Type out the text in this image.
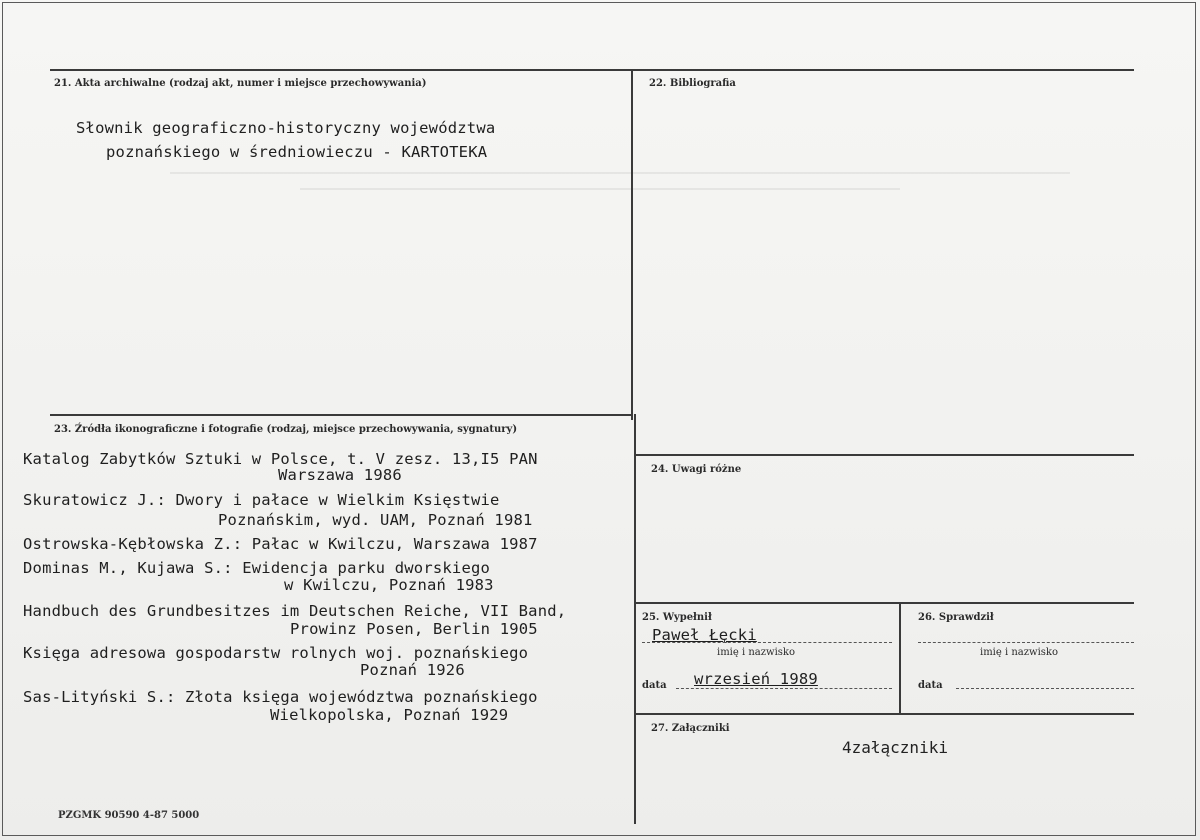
21. Akta archiwalne (rodzaj akt, numer i miejsce przechowywania)
Słownik geograficzno-historyczny województwa
poznańskiego w średniowieczu - KARTOTEKA
22. Bibliografia
23. Źródła ikonograficzne i fotografie (rodzaj, miejsce przechowywania, sygnatury)
Katalog Zabytków Sztuki w Polsce, t. V zesz. 13,I5 PAN
Warszawa 1986
Skuratowicz J.: Dwory i pałace w Wielkim Księstwie
Poznańskim, wyd. UAM, Poznań 1981
Ostrowska-Kębłowska Z.: Pałac w Kwilczu, Warszawa 1987
Dominas M., Kujawa S.: Ewidencja parku dworskiego
w Kwilczu, Poznań 1983
Handbuch des Grundbesitzes im Deutschen Reiche, VII Band,
Prowinz Posen, Berlin 1905
Księga adresowa gospodarstw rolnych woj. poznańskiego
Poznań 1926
Sas-Lityński S.: Złota księga województwa poznańskiego
Wielkopolska, Poznań 1929
24. Uwagi różne
25. Wypełnił
Paweł Łęcki
imię i nazwisko
data wrzesień 1989
26. Sprawdził
imię i nazwisko
data
27. Załączniki
4załączniki
PZGMK 90590 4-87 5000
